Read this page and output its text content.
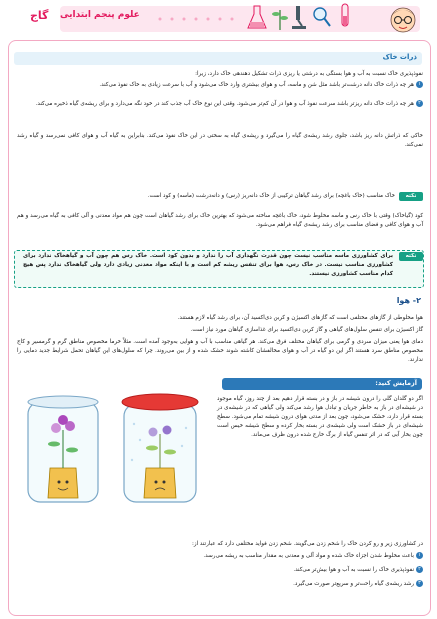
علوم پنجم ابتدایی
گاج
ذرات خاک
نفوذپذیری خاک نسبت به آب و هوا بستگی به درشتی یا ریزی ذرات تشکیل دهندهی خاک دارد، زیرا:
۱هر چه ذرات خاک دانه درشت‌تر باشد مثل شن و ماسه، آب و هوای بیشتری وارد خاک می‌شود و آب با سرعت زیادی به خاک نفوذ می‌کند.
۲هر چه ذرات خاک دانه ریزتر باشد سرعت نفوذ آب و هوا در آن کم‌تر می‌شود. وقتی این نوع خاک آب جذب کند در خود نگه می‌دارد و برای ریشه‌ی گیاه ذخیره می‌کند.
خاکی که ذراتش دانه ریز باشد، جلوی رشد ریشه‌ی گیاه را می‌گیرد و ریشه‌ی گیاه به سختی در این خاک نفوذ می‌کند. بنابراین به گیاه آب و هوای کافی نمی‌رسد و گیاه رشد نمی‌کند.
نکته
خاک مناسب (خاک باغچه) برای رشد گیاهان ترکیبی از خاک دانه‌ریز (رس) و دانه‌درشت (ماسه) و کود است.
کود (گیاخاک) وقتی با خاک رس و ماسه مخلوط شود، خاک باغچه ساخته می‌شود که بهترین خاک برای رشد گیاهان است چون هم مواد معدنی و آلی کافی به گیاه می‌رسد و هم آب و هوای کافی و فضای مناسب برای رشد ریشه‌ی گیاه فراهم می‌شود.
نکته
برای کشاورزی ماسه مناسب نیست چون قدرت نگهداری آب را ندارد و بدون کود است. خاک رس هم چون آب و گیاهخاک ندارد برای کشاورزی مناسب نیست. در خاک رس، هوا برای تنفس ریشه کم است و با اینکه مواد معدنی زیادی دارد ولی گیاهخاک ندارد پس هیچ کدام مناسب کشاورزی نیستند.
۲- هوا
هوا مخلوطی از گازهای مختلفی است که گازهای اکسیژن و کربن دی‌اکسید آن، برای رشد گیاه لازم هستند.
گاز اکسیژن برای تنفس سلول‌های گیاهی و گاز کربن دی‌اکسید برای غذاسازی گیاهان مورد نیاز است.
دمای هوا یعنی میزان سردی و گرمی برای گیاهان مختلف فرق می‌کند. هر گیاهی مناسب با آب و هوایی به‌وجود آمده است. مثلاً خرما مخصوص مناطق گرم و گرمسیر و کاج مخصوص مناطق سرد هستند اگر این دو گیاه در آب و هوای مخالفشان کاشته شوند خشک شده و از بین می‌روند. چرا که سلول‌های این گیاهان تحمل شرایط جدید دمایی را ندارند.
آزمایش کنید:
اگر دو گلدان گلی را درون شیشه در باز و در بسته قرار دهیم بعد از چند روز، گیاه موجود در شیشه‌ای در باز به خاطر جریان و تبادل هوا رشد می‌کند ولی گیاهی که در شیشه‌ی در بسته قرار دارد، خشک می‌شود، چون بعد از مدتی هوای درون شیشه تمام می‌شود. سطح شیشه‌ای در باز خشک است ولی شیشه‌ی در بسته بخار کرده و سطح شیشه خیس است چون بخار آبی که در اثر تنفس گیاه از برگ خارج شده درون ظرف می‌ماند.
در کشاورزی زیر و رو کردن خاک را شخم زدن می‌گویند. شخم زدن فواید مختلفی دارد که عبارتند از:
۱باعث مخلوط شدن اجزاء خاک شده و مواد آلی و معدنی به مقدار مناسب به ریشه می‌رسد.
۲نفوذپذیری خاک را نسبت به آب و هوا بیش‌تر می‌کند.
۳رشد ریشه‌ی گیاه راحت‌تر و سریع‌تر صورت می‌گیرد.
